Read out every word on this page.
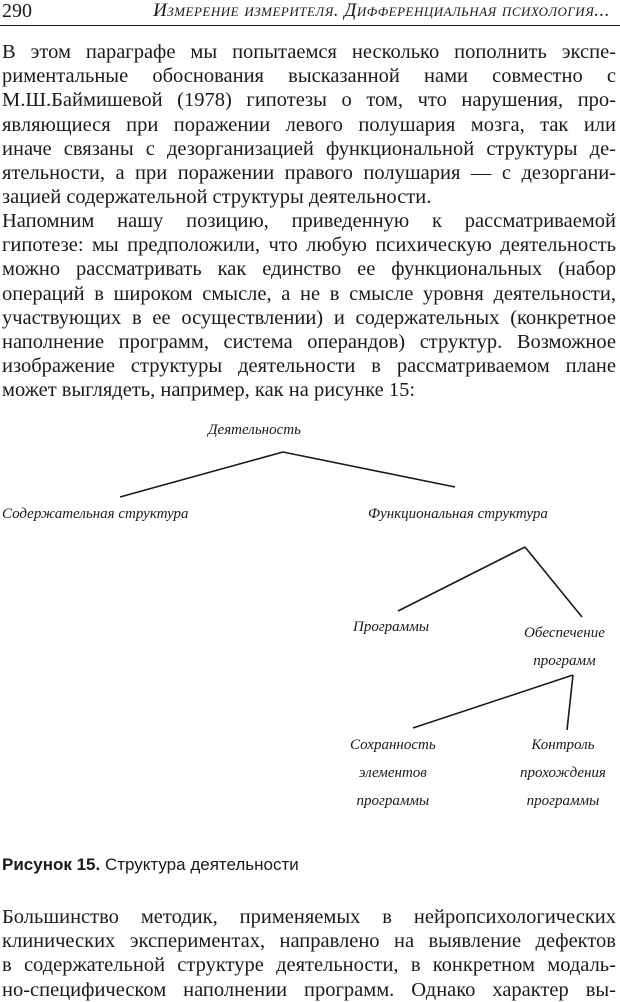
290	Измерение измерителя. Дифференциальная психология...
В этом параграфе мы попытаемся несколько пополнить экспе-
риментальные обоснования высказанной нами совместно с
М.Ш.Баймишевой (1978) гипотезы о том, что нарушения, про-
являющиеся при поражении левого полушария мозга, так или
иначе связаны с дезорганизацией функциональной структуры де-
ятельности, а при поражении правого полушария — с дезоргани-
зацией содержательной структуры деятельности.
Напомним нашу позицию, приведенную к рассматриваемой
гипотезе: мы предположили, что любую психическую деятельность
можно рассматривать как единство ее функциональных (набор
операций в широком смысле, а не в смысле уровня деятельности,
участвующих в ее осуществлении) и содержательных (конкретное
наполнение программ, система операндов) структур. Возможное
изображение структуры деятельности в рассматриваемом плане
может выглядеть, например, как на рисунке 15:
Деятельность
Содержательная структура	Функциональная структура
Программы	Обеспечение
программ
Сохранность
элементов
программы
Контроль
прохождения
программы
Рисунок 15. Структура деятельности
Большинство методик, применяемых в нейропсихологических
клинических экспериментах, направлено на выявление дефектов
в содержательной структуре деятельности, в конкретном модаль-
но-специфическом наполнении программ. Однако характер вы-
